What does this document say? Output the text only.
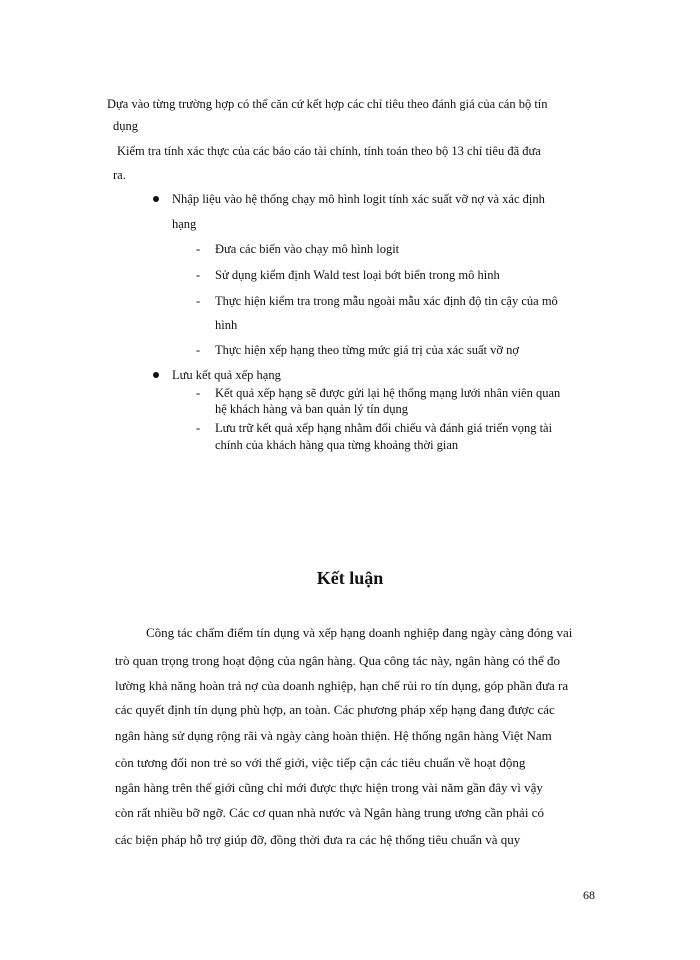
Dựa vào từng trường hợp có thể căn cứ kết hợp các chỉ tiêu theo đánh giá của cán bộ tín
dụng
Kiểm tra tính xác thực của các báo cáo tài chính, tính toán theo bộ 13 chỉ tiêu đã đưa
ra.
Nhập liệu vào hệ thống chạy mô hình logit tính xác suất vỡ nợ và xác định
hạng
- Đưa các biến vào chạy mô hình logit
- Sử dụng kiểm định Wald test loại bớt biến trong mô hình
- Thực hiện kiểm tra trong mẫu ngoài mẫu xác định độ tin cậy của mô
hình
- Thực hiện xếp hạng theo từng mức giá trị của xác suất vỡ nợ
Lưu kết quả xếp hạng
- Kết quả xếp hạng sẽ được gửi lại hệ thống mạng lưới nhân viên quan
hệ khách hàng và ban quản lý tín dụng
- Lưu trữ kết quả xếp hạng nhằm đối chiếu và đánh giá triển vọng tài
chính của khách hàng qua từng khoảng thời gian
Kết luận
Công tác chấm điểm tín dụng và xếp hạng doanh nghiệp đang ngày càng đóng vai
trò quan trọng trong hoạt động của ngân hàng. Qua công tác này, ngân hàng có thể đo
lường khả năng hoàn trả nợ của doanh nghiệp, hạn chế rủi ro tín dụng, góp phần đưa ra
các quyết định tín dụng phù hợp, an toàn. Các phương pháp xếp hạng đang được các
ngân hàng sử dụng rộng rãi và ngày càng hoàn thiện. Hệ thống ngân hàng Việt Nam
còn tương đối non trẻ so với thế giới, việc tiếp cận các tiêu chuẩn về hoạt động
ngân hàng trên thế giới cũng chỉ mới được thực hiện trong vài năm gần đây vì vậy
còn rất nhiều bỡ ngỡ. Các cơ quan nhà nước và Ngân hàng trung ương cần phải có
các biện pháp hỗ trợ giúp đỡ, đồng thời đưa ra các hệ thống tiêu chuẩn và quy
68
